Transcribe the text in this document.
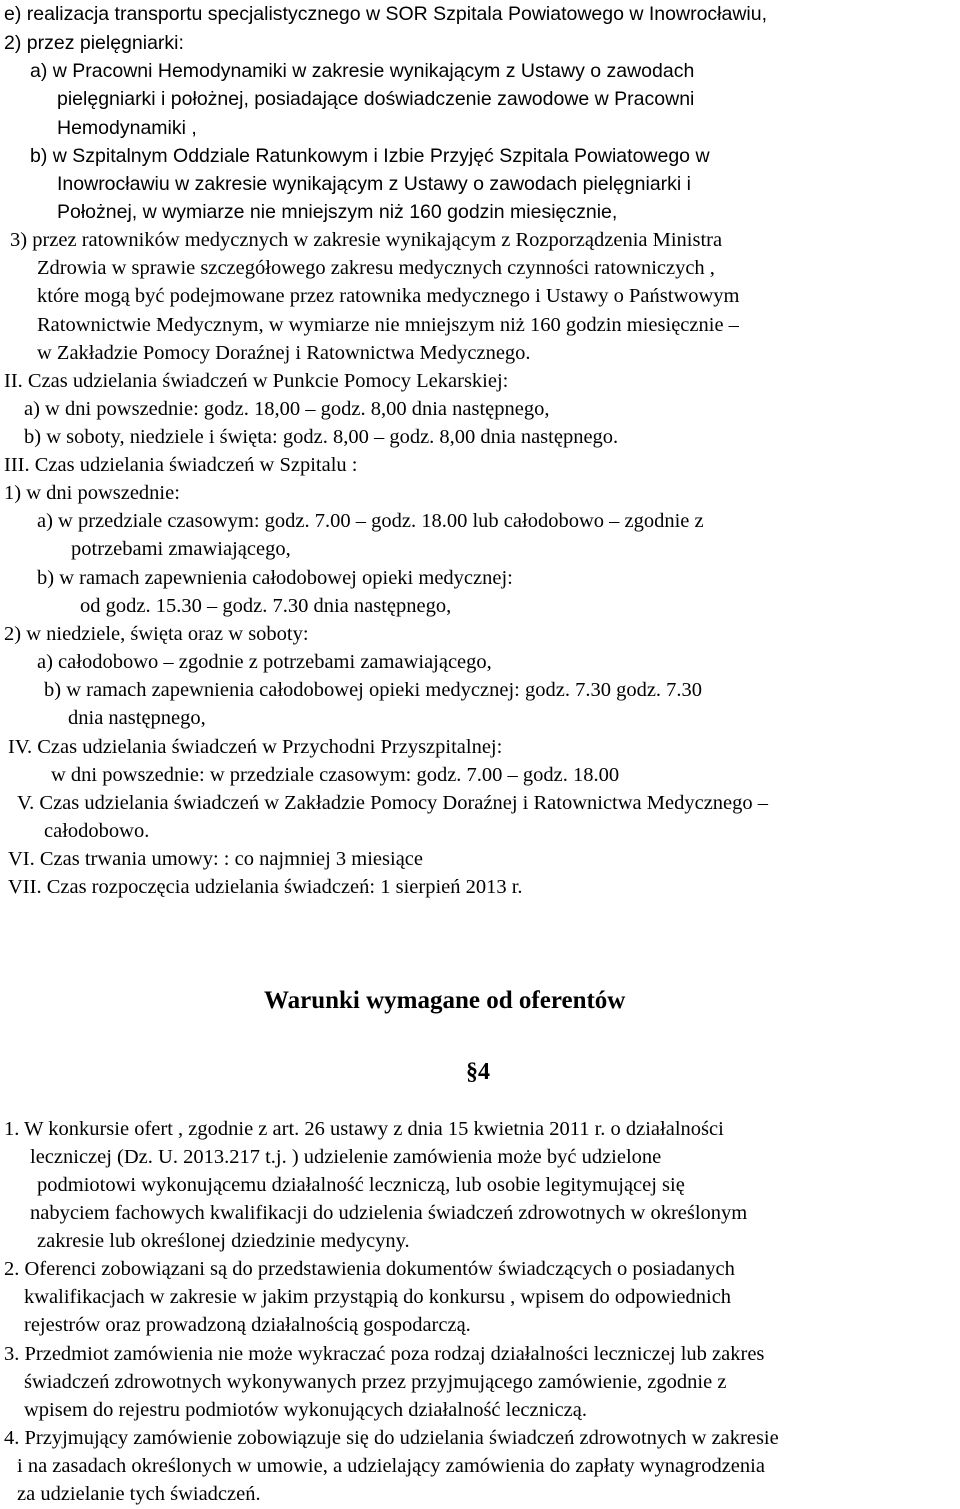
e) realizacja transportu specjalistycznego w SOR Szpitala Powiatowego w Inowrocławiu,
2) przez pielęgniarki:
a) w Pracowni Hemodynamiki w zakresie wynikającym z Ustawy o zawodach
pielęgniarki i położnej, posiadające doświadczenie zawodowe w Pracowni
Hemodynamiki ,
b) w Szpitalnym Oddziale Ratunkowym i Izbie Przyjęć Szpitala Powiatowego w
Inowrocławiu w zakresie wynikającym z Ustawy o zawodach pielęgniarki i
Położnej, w wymiarze nie mniejszym niż 160 godzin miesięcznie,
3) przez ratowników medycznych w zakresie wynikającym z Rozporządzenia Ministra
Zdrowia w sprawie szczegółowego zakresu medycznych czynności ratowniczych ,
które mogą być podejmowane przez ratownika medycznego i Ustawy o Państwowym
Ratownictwie Medycznym, w wymiarze nie mniejszym niż 160 godzin miesięcznie –
w Zakładzie Pomocy Doraźnej i Ratownictwa Medycznego.
II. Czas udzielania świadczeń w Punkcie Pomocy Lekarskiej:
a) w dni powszednie: godz. 18,00 – godz. 8,00 dnia następnego,
b) w soboty, niedziele i święta: godz. 8,00 – godz. 8,00 dnia następnego.
III. Czas udzielania świadczeń w Szpitalu :
1) w dni powszednie:
a) w przedziale czasowym: godz. 7.00 – godz. 18.00 lub całodobowo – zgodnie z
potrzebami zmawiającego,
b) w ramach zapewnienia całodobowej opieki medycznej:
od godz. 15.30 – godz. 7.30 dnia następnego,
2) w niedziele, święta oraz w soboty:
a) całodobowo – zgodnie z potrzebami zamawiającego,
b) w ramach zapewnienia całodobowej opieki medycznej: godz. 7.30 godz. 7.30
dnia następnego,
IV. Czas udzielania świadczeń w Przychodni Przyszpitalnej:
w dni powszednie: w przedziale czasowym: godz. 7.00 – godz. 18.00
V. Czas udzielania świadczeń w Zakładzie Pomocy Doraźnej i Ratownictwa Medycznego –
całodobowo.
VI. Czas trwania umowy: : co najmniej 3 miesiące
VII. Czas rozpoczęcia udzielania świadczeń: 1 sierpień 2013 r.
Warunki wymagane od oferentów
§4
1. W konkursie ofert , zgodnie z art. 26 ustawy z dnia 15 kwietnia 2011 r. o działalności
leczniczej (Dz. U. 2013.217 t.j. ) udzielenie zamówienia może być udzielone
podmiotowi wykonującemu działalność leczniczą, lub osobie legitymującej się
nabyciem fachowych kwalifikacji do udzielenia świadczeń zdrowotnych w określonym
zakresie lub określonej dziedzinie medycyny.
2. Oferenci zobowiązani są do przedstawienia dokumentów świadczących o posiadanych
kwalifikacjach w zakresie w jakim przystąpią do konkursu , wpisem do odpowiednich
rejestrów oraz prowadzoną działalnością gospodarczą.
3. Przedmiot zamówienia nie może wykraczać poza rodzaj działalności leczniczej lub zakres
świadczeń zdrowotnych wykonywanych przez przyjmującego zamówienie, zgodnie z
wpisem do rejestru podmiotów wykonujących działalność leczniczą.
4. Przyjmujący zamówienie zobowiązuje się do udzielania świadczeń zdrowotnych w zakresie
i na zasadach określonych w umowie, a udzielający zamówienia do zapłaty wynagrodzenia
za udzielanie tych świadczeń.
